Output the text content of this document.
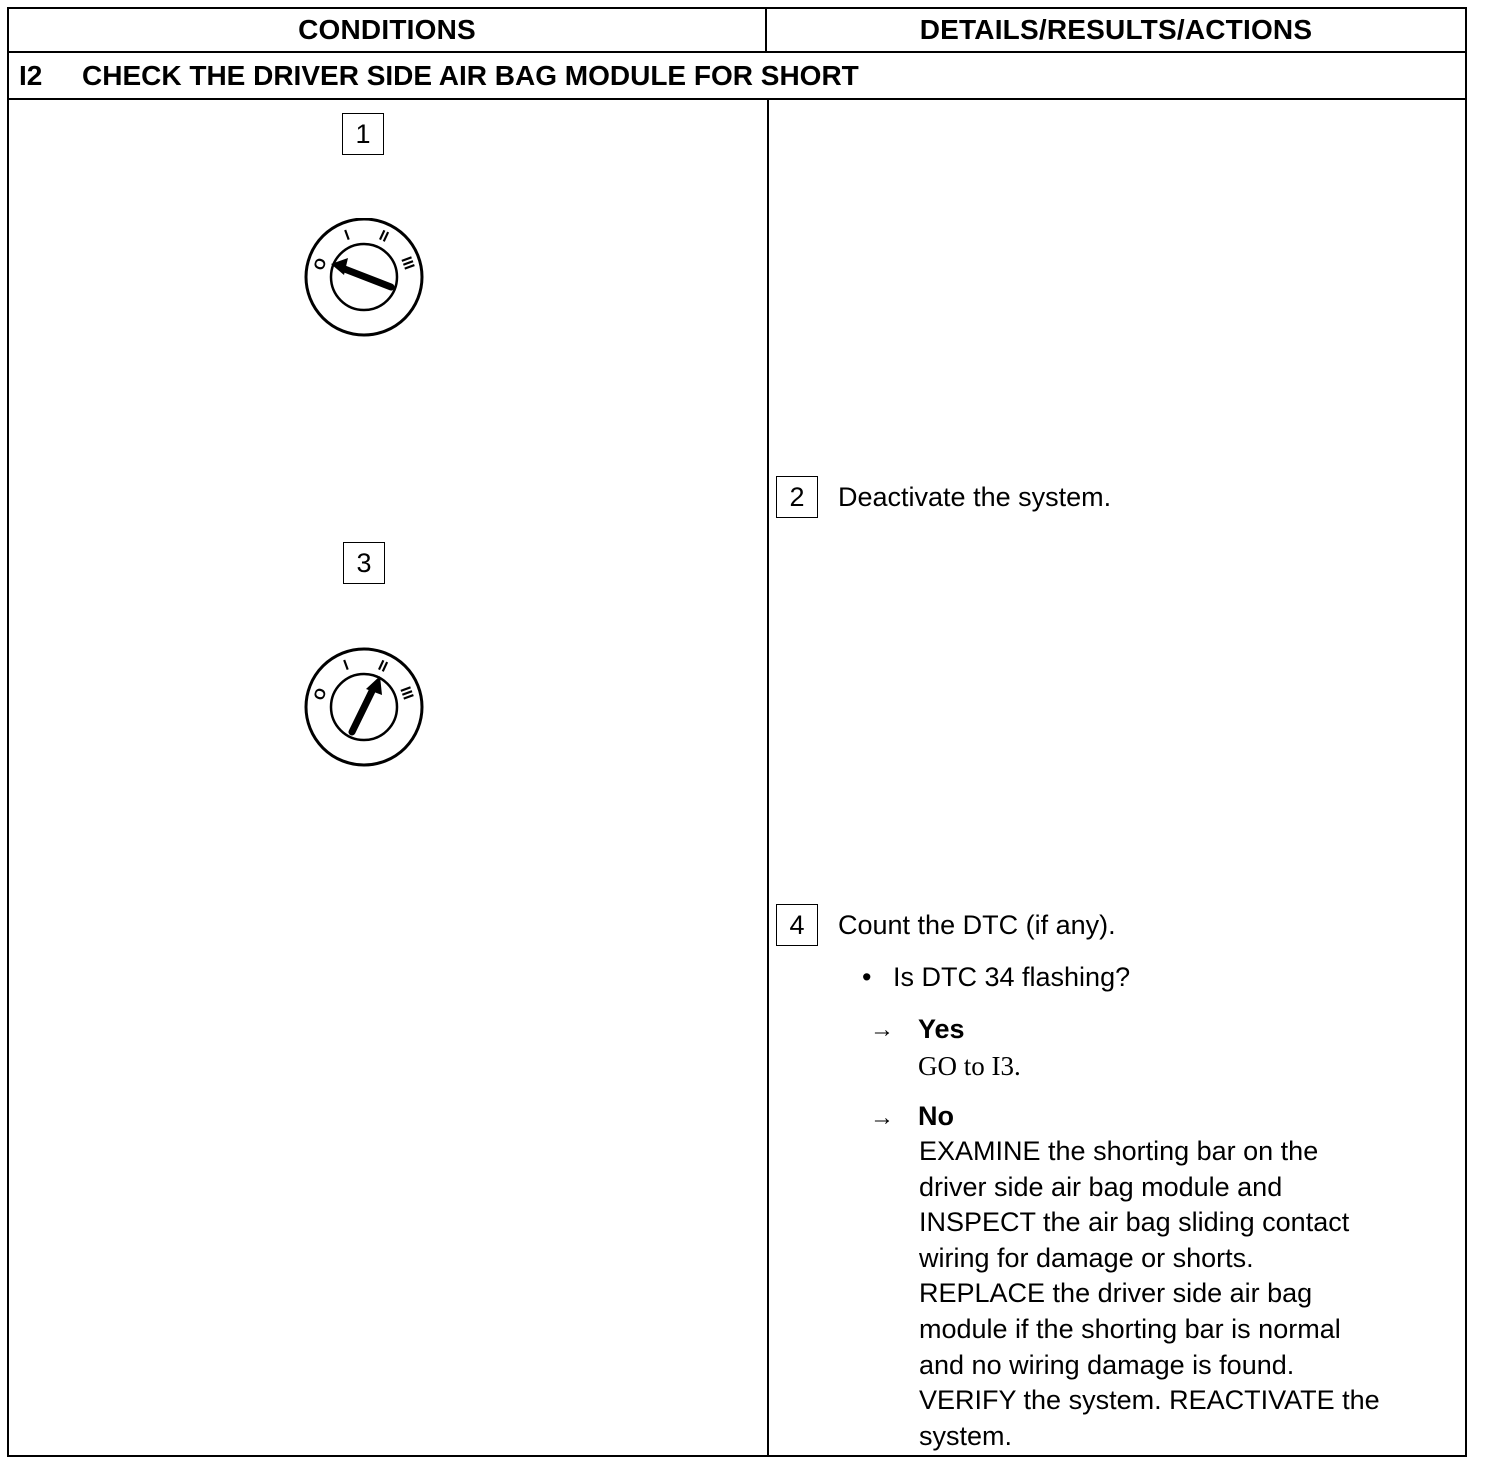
CONDITIONS	DETAILS/RESULTS/ACTIONS
I2 CHECK THE DRIVER SIDE AIR BAG MODULE FOR SHORT
1
O
I II
III
2	Deactivate the system.
3
O
I II
III
4	Count the DTC (if any).
• Is DTC 34 flashing?
→ Yes
GO to I3.
→ No
EXAMINE the shorting bar on the
driver side air bag module and
INSPECT the air bag sliding contact
wiring for damage or shorts.
REPLACE the driver side air bag
module if the shorting bar is normal
and no wiring damage is found.
VERIFY the system. REACTIVATE the
system.
